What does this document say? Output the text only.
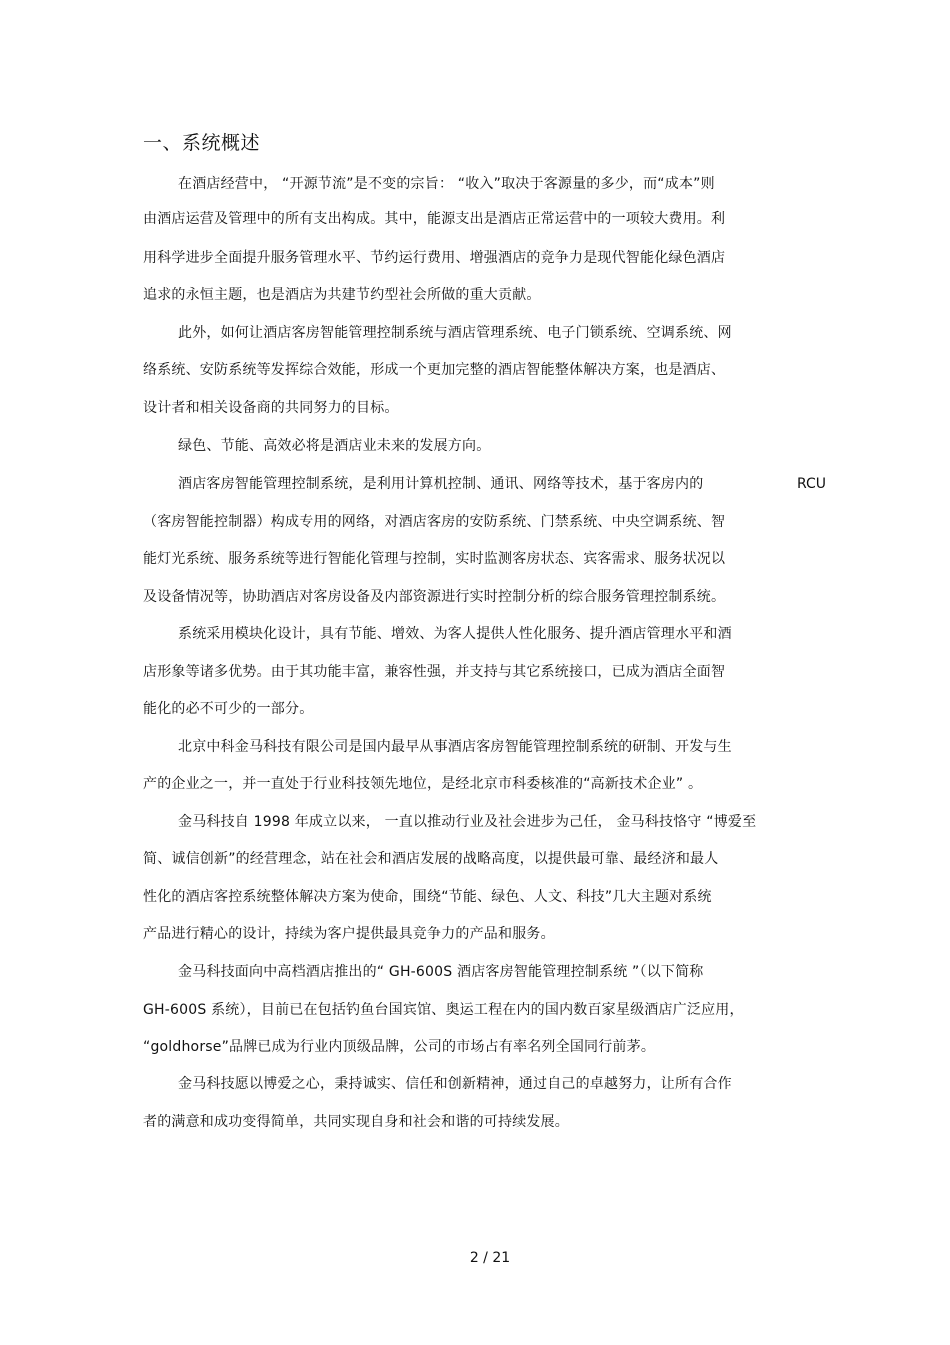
一、系统概述
在酒店经营中， “开源节流”是不变的宗旨： “收入”取决于客源量的多少，而“成本”则
由酒店运营及管理中的所有支出构成。其中，能源支出是酒店正常运营中的一项较大费用。利
用科学进步全面提升服务管理水平、节约运行费用、增强酒店的竞争力是现代智能化绿色酒店
追求的永恒主题，也是酒店为共建节约型社会所做的重大贡献。
此外，如何让酒店客房智能管理控制系统与酒店管理系统、电子门锁系统、空调系统、网
络系统、安防系统等发挥综合效能，形成一个更加完整的酒店智能整体解决方案，也是酒店、
设计者和相关设备商的共同努力的目标。
绿色、节能、高效必将是酒店业未来的发展方向。
酒店客房智能管理控制系统，是利用计算机控制、通讯、网络等技术，基于客房内的	RCU
（客房智能控制器）构成专用的网络，对酒店客房的安防系统、门禁系统、中央空调系统、智
能灯光系统、服务系统等进行智能化管理与控制，实时监测客房状态、宾客需求、服务状况以
及设备情况等，协助酒店对客房设备及内部资源进行实时控制分析的综合服务管理控制系统。
系统采用模块化设计，具有节能、增效、为客人提供人性化服务、提升酒店管理水平和酒
店形象等诸多优势。由于其功能丰富，兼容性强，并支持与其它系统接口，已成为酒店全面智
能化的必不可少的一部分。
北京中科金马科技有限公司是国内最早从事酒店客房智能管理控制系统的研制、开发与生
产的企业之一，并一直处于行业科技领先地位，是经北京市科委核准的“高新技术企业” 。
金马科技自 1998 年成立以来， 一直以推动行业及社会进步为己任， 金马科技恪守 “博爱至
简、诚信创新”的经营理念，站在社会和酒店发展的战略高度，以提供最可靠、最经济和最人
性化的酒店客控系统整体解决方案为使命，围绕“节能、绿色、人文、科技”几大主题对系统
产品进行精心的设计，持续为客户提供最具竞争力的产品和服务。
金马科技面向中高档酒店推出的“ GH-600S 酒店客房智能管理控制系统 ”（以下简称
GH-600S 系统），目前已在包括钓鱼台国宾馆、奥运工程在内的国内数百家星级酒店广泛应用，
“goldhorse”品牌已成为行业内顶级品牌，公司的市场占有率名列全国同行前茅。
金马科技愿以博爱之心，秉持诚实、信任和创新精神，通过自己的卓越努力，让所有合作
者的满意和成功变得简单，共同实现自身和社会和谐的可持续发展。
2 / 21
